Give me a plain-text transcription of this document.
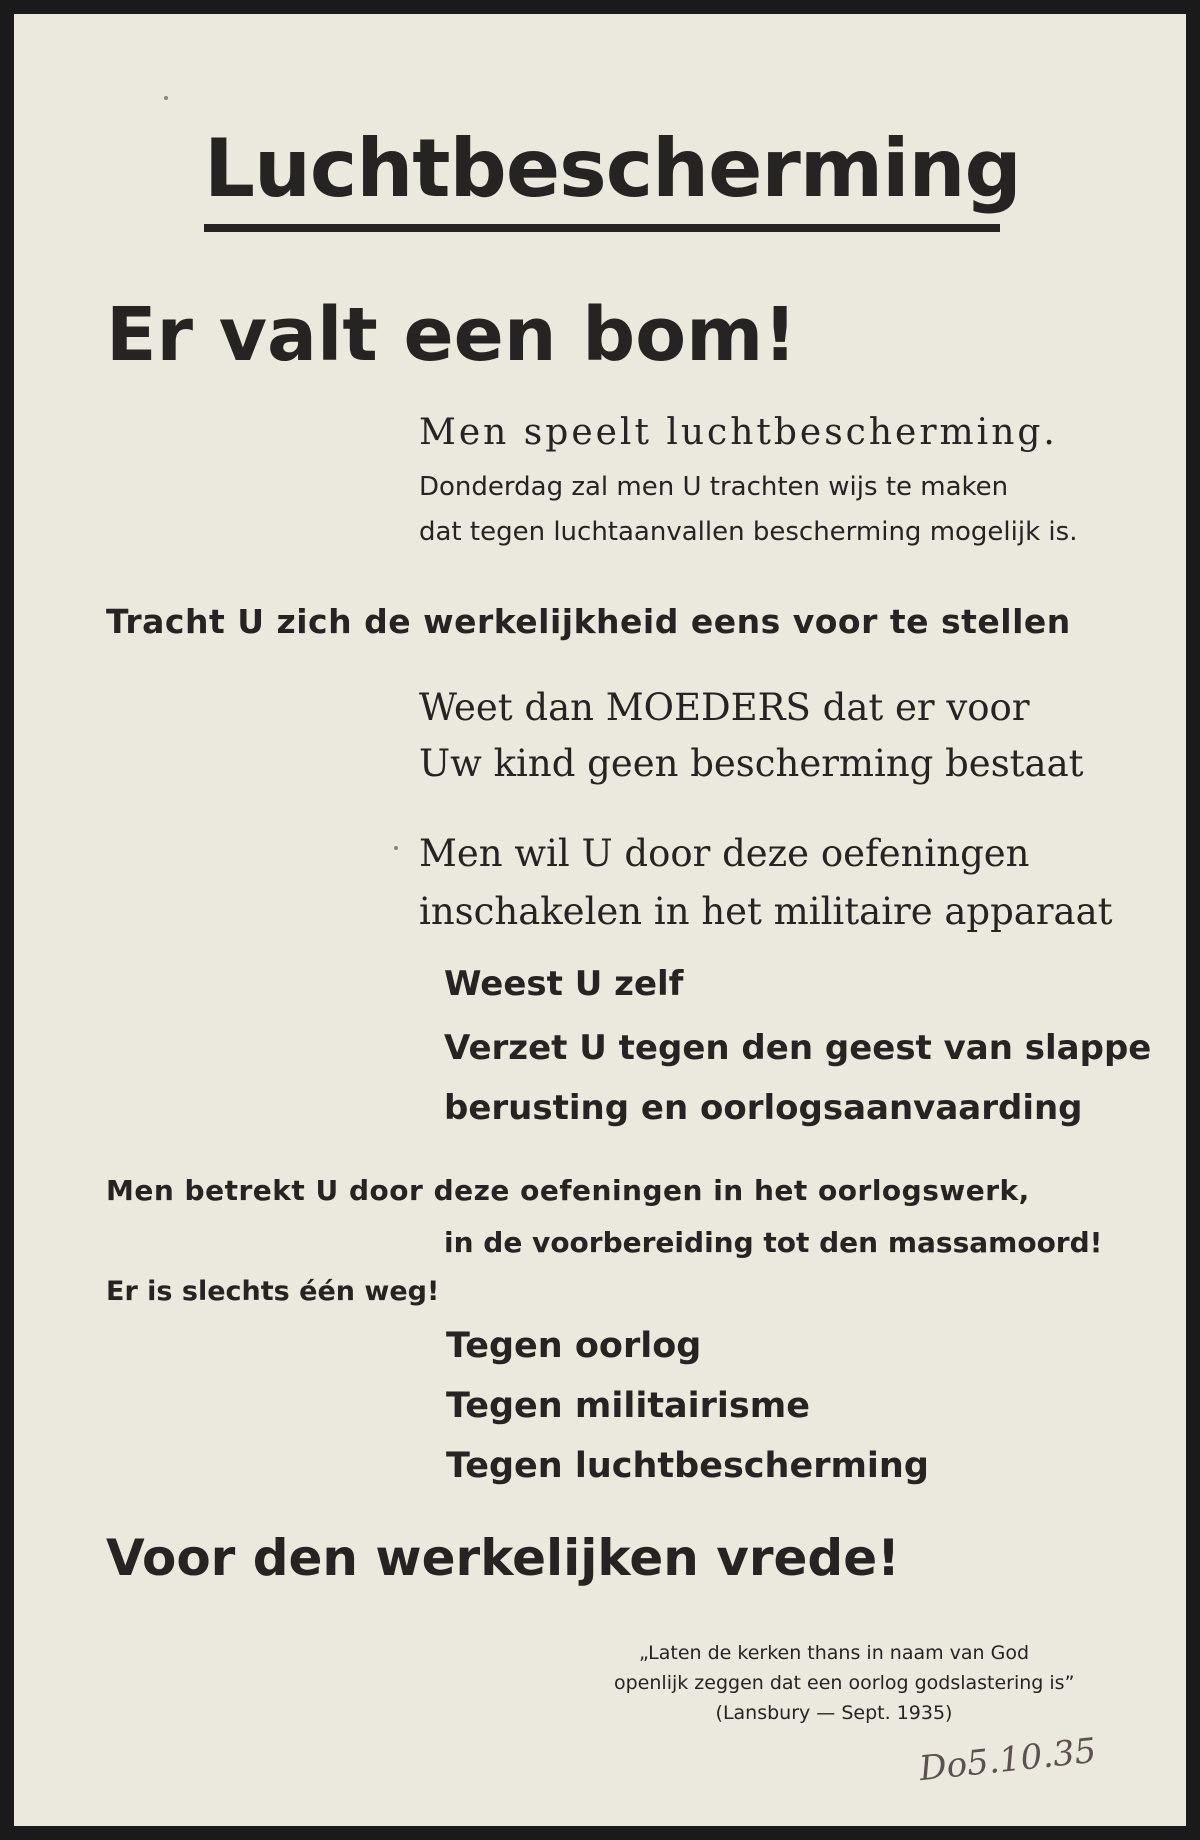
Luchtbescherming
Er valt een bom!
Men speelt luchtbescherming.
Donderdag zal men U trachten wijs te maken
dat tegen luchtaanvallen bescherming mogelijk is.
Tracht U zich de werkelijkheid eens voor te stellen
Weet dan MOEDERS dat er voor
Uw kind geen bescherming bestaat
Men wil U door deze oefeningen
inschakelen in het militaire apparaat
Weest U zelf
Verzet U tegen den geest van slappe
berusting en oorlogsaanvaarding
Men betrekt U door deze oefeningen in het oorlogswerk,
in de voorbereiding tot den massamoord!
Er is slechts één weg!
Tegen oorlog
Tegen militairisme
Tegen luchtbescherming
Voor den werkelijken vrede!
„Laten de kerken thans in naam van God
openlijk zeggen dat een oorlog godslastering is”
(Lansbury — Sept. 1935)
Do5.10.35
